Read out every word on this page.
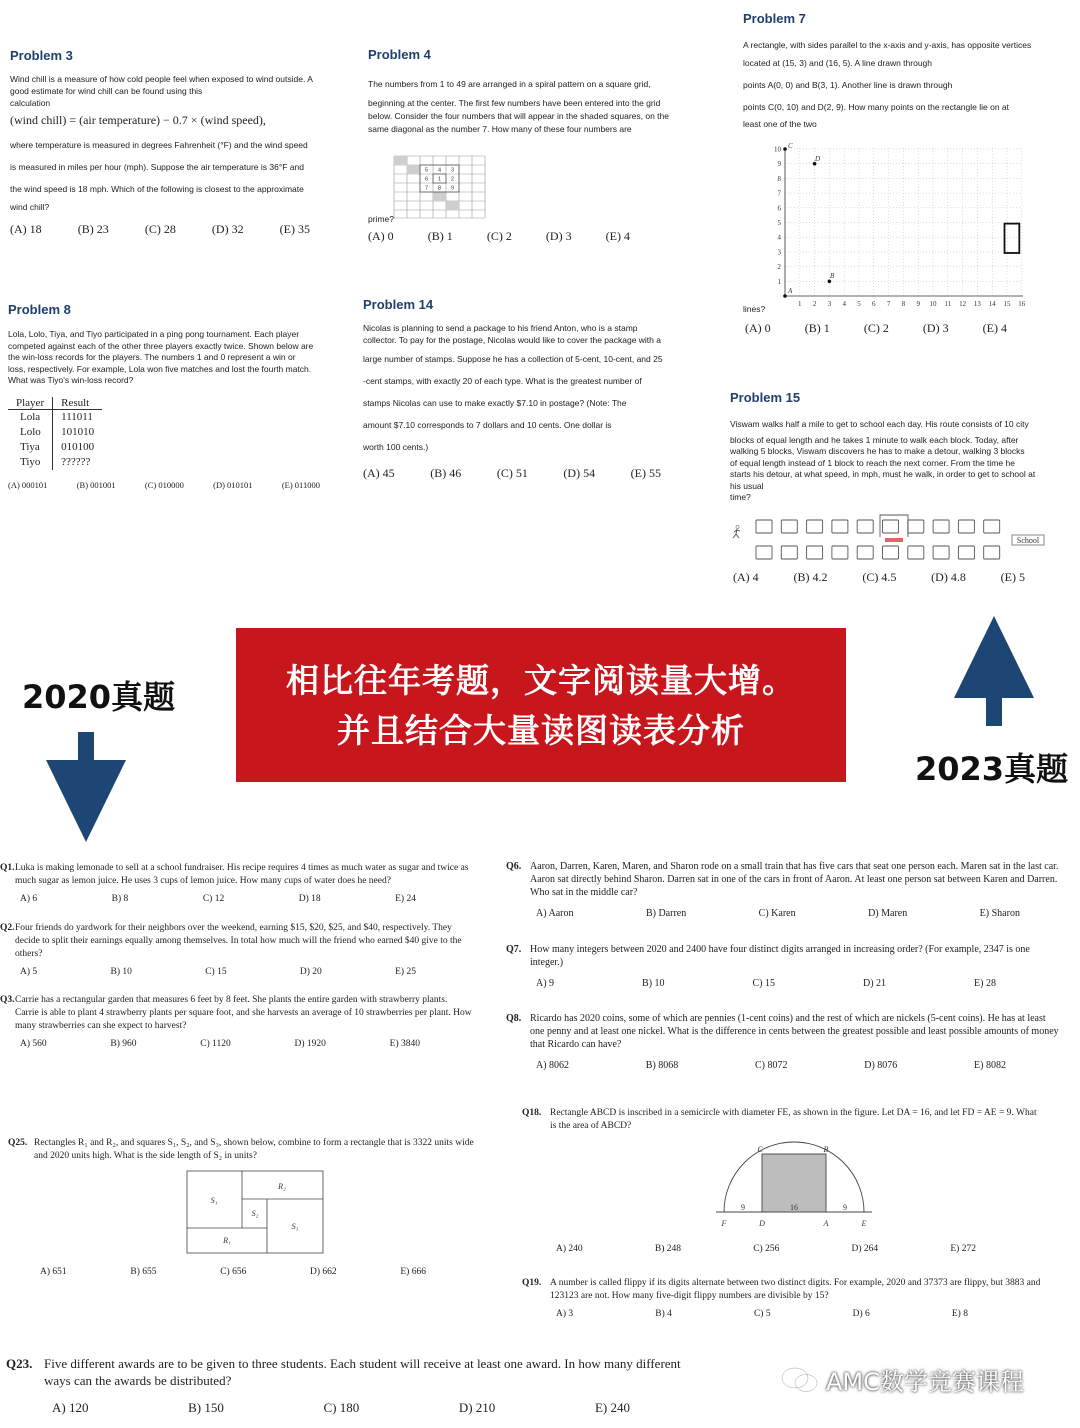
Problem 3
Wind chill is a measure of how cold people feel when exposed to wind outside. A
good estimate for wind chill can be found using this
calculation
(wind chill) = (air temperature) − 0.7 × (wind speed),
where temperature is measured in degrees Fahrenheit (°F) and the wind speed
is measured in miles per hour (mph). Suppose the air temperature is 36°F and
the wind speed is 18 mph. Which of the following is closest to the approximate
wind chill?
(A) 18	(B) 23	(C) 28	(D) 32	(E) 35
Problem 4
The numbers from 1 to 49 are arranged in a spiral pattern on a square grid,
beginning at the center. The first few numbers have been entered into the grid
below. Consider the four numbers that will appear in the shaded squares, on the
same diagonal as the number 7. How many of these four numbers are
5 4 3
6 1 2
7 8 9
prime?
(A) 0	(B) 1	(C) 2	(D) 3	(E) 4
Problem 7
A rectangle, with sides parallel to the x-axis and y-axis, has opposite vertices
located at (15, 3) and (16, 5). A line drawn through
points A(0, 0) and B(3, 1). Another line is drawn through
points C(0, 10) and D(2, 9). How many points on the rectangle lie on at
least one of the two
10
9
8
7
6
5
4
3
2
1
1 2 3 4 5 6 7 8 9 10 11 12 13 14 15 16
A
B
C
D
lines?
(A) 0	(B) 1	(C) 2	(D) 3	(E) 4
Problem 8
Lola, Lolo, Tiya, and Tiyo participated in a ping pong tournament. Each player
competed against each of the other three players exactly twice. Shown below are
the win-loss records for the players. The numbers 1 and 0 represent a win or
loss, respectively. For example, Lola won five matches and lost the fourth match.
What was Tiyo's win-loss record?
Player	Result
Lola	111011
Lolo	101010
Tiya	010100
Tiyo	??????
(A) 000101	(B) 001001	(C) 010000	(D) 010101	(E) 011000
Problem 14
Nicolas is planning to send a package to his friend Anton, who is a stamp
collector. To pay for the postage, Nicolas would like to cover the package with a
large number of stamps. Suppose he has a collection of 5-cent, 10-cent, and 25
-cent stamps, with exactly 20 of each type. What is the greatest number of
stamps Nicolas can use to make exactly $7.10 in postage? (Note: The
amount $7.10 corresponds to 7 dollars and 10 cents. One dollar is
worth 100 cents.)
(A) 45	(B) 46	(C) 51	(D) 54	(E) 55
Problem 15
Viswam walks half a mile to get to school each day. His route consists of 10 city
blocks of equal length and he takes 1 minute to walk each block. Today, after
walking 5 blocks, Viswam discovers he has to make a detour, walking 3 blocks
of equal length instead of 1 block to reach the next corner. From the time he
starts his detour, at what speed, in mph, must he walk, in order to get to school at
his usual
time?
School
(A) 4	(B) 4.2	(C) 4.5	(D) 4.8	(E) 5
2020真题	相比往年考题，文字阅读量大增。
并且结合大量读图读表分析
2023真题
Q1. Luka is making lemonade to sell at a school fundraiser. His recipe requires 4 times as much water as sugar and twice as much sugar as lemon juice. He uses 3 cups of lemon juice. How many cups of water does he need?
A) 6	B) 8	C) 12	D) 18	E) 24
Q2. Four friends do yardwork for their neighbors over the weekend, earning $15, $20, $25, and $40, respectively. They decide to split their earnings equally among themselves. In total how much will the friend who earned $40 give to the others?
A) 5	B) 10	C) 15	D) 20	E) 25
Q3. Carrie has a rectangular garden that measures 6 feet by 8 feet. She plants the entire garden with strawberry plants. Carrie is able to plant 4 strawberry plants per square foot, and she harvests an average of 10 strawberries per plant. How many strawberries can she expect to harvest?
A) 560	B) 960	C) 1120	D) 1920	E) 3840
Q25. Rectangles R₁ and R₂, and squares S₁, S₂, and S₃, shown below, combine to form a rectangle that is 3322 units wide and 2020 units high. What is the side length of S₂ in units?
S₁
R₂
S₂
S₃
R₁
A) 651	B) 655	C) 656	D) 662	E) 666
Q6. Aaron, Darren, Karen, Maren, and Sharon rode on a small train that has five cars that seat one person each. Maren sat in the last car. Aaron sat directly behind Sharon. Darren sat in one of the cars in front of Aaron. At least one person sat between Karen and Darren. Who sat in the middle car?
A) Aaron	B) Darren	C) Karen	D) Maren	E) Sharon
Q7. How many integers between 2020 and 2400 have four distinct digits arranged in increasing order? (For example, 2347 is one integer.)
A) 9	B) 10	C) 15	D) 21	E) 28
Q8. Ricardo has 2020 coins, some of which are pennies (1-cent coins) and the rest of which are nickels (5-cent coins). He has at least one penny and at least one nickel. What is the difference in cents between the greatest possible and least possible amounts of money that Ricardo can have?
A) 8062	B) 8068	C) 8072	D) 8076	E) 8082
Q18. Rectangle ABCD is inscribed in a semicircle with diameter FE, as shown in the figure. Let DA = 16, and let FD = AE = 9. What is the area of ABCD?
C	B
F	D	A	E
9	16	9
A) 240	B) 248	C) 256	D) 264	E) 272
Q19. A number is called flippy if its digits alternate between two distinct digits. For example, 2020 and 37373 are flippy, but 3883 and 123123 are not. How many five-digit flippy numbers are divisible by 15?
A) 3	B) 4	C) 5	D) 6	E) 8
Q23. Five different awards are to be given to three students. Each student will receive at least one award. In how many different ways can the awards be distributed?
A) 120	B) 150	C) 180	D) 210	E) 240
AMC数学竞赛课程
